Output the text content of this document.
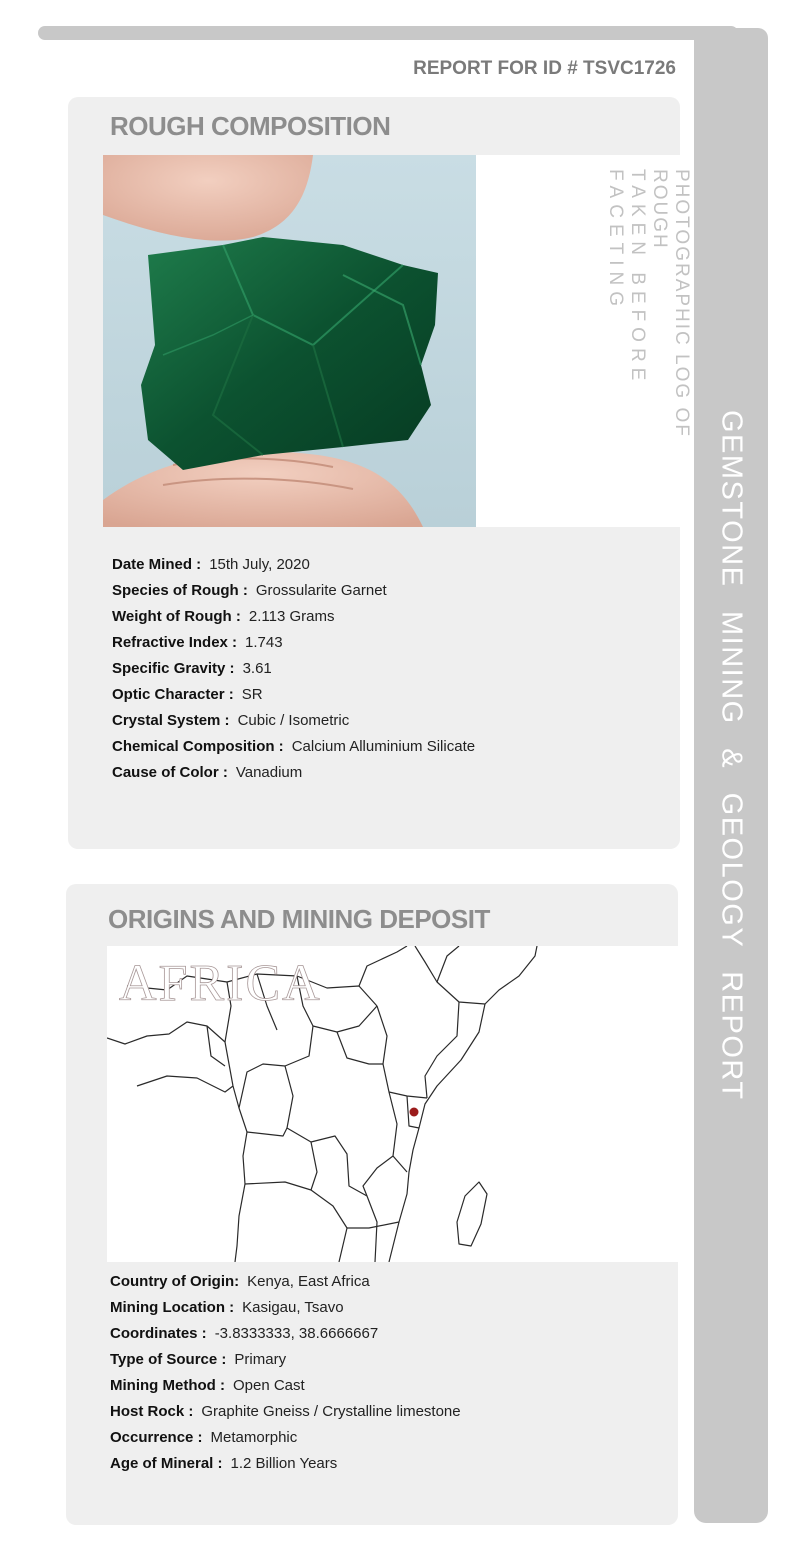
GEMSTONE MINING & GEOLOGY REPORT
REPORT FOR ID # TSVC1726
ROUGH COMPOSITION
PHOTOGRAPHIC LOG OF ROUGH
TAKEN BEFORE FACETING
Date Mined : 15th July, 2020
Species of Rough : Grossularite Garnet
Weight of Rough : 2.113 Grams
Refractive Index : 1.743
Specific Gravity : 3.61
Optic Character : SR
Crystal System : Cubic / Isometric
Chemical Composition : Calcium Alluminium Silicate
Cause of Color : Vanadium
ORIGINS AND MINING DEPOSIT
AFRICA
Country of Origin: Kenya, East Africa
Mining Location : Kasigau, Tsavo
Coordinates : -3.8333333, 38.6666667
Type of Source : Primary
Mining Method : Open Cast
Host Rock : Graphite Gneiss / Crystalline limestone
Occurrence : Metamorphic
Age of Mineral : 1.2 Billion Years
